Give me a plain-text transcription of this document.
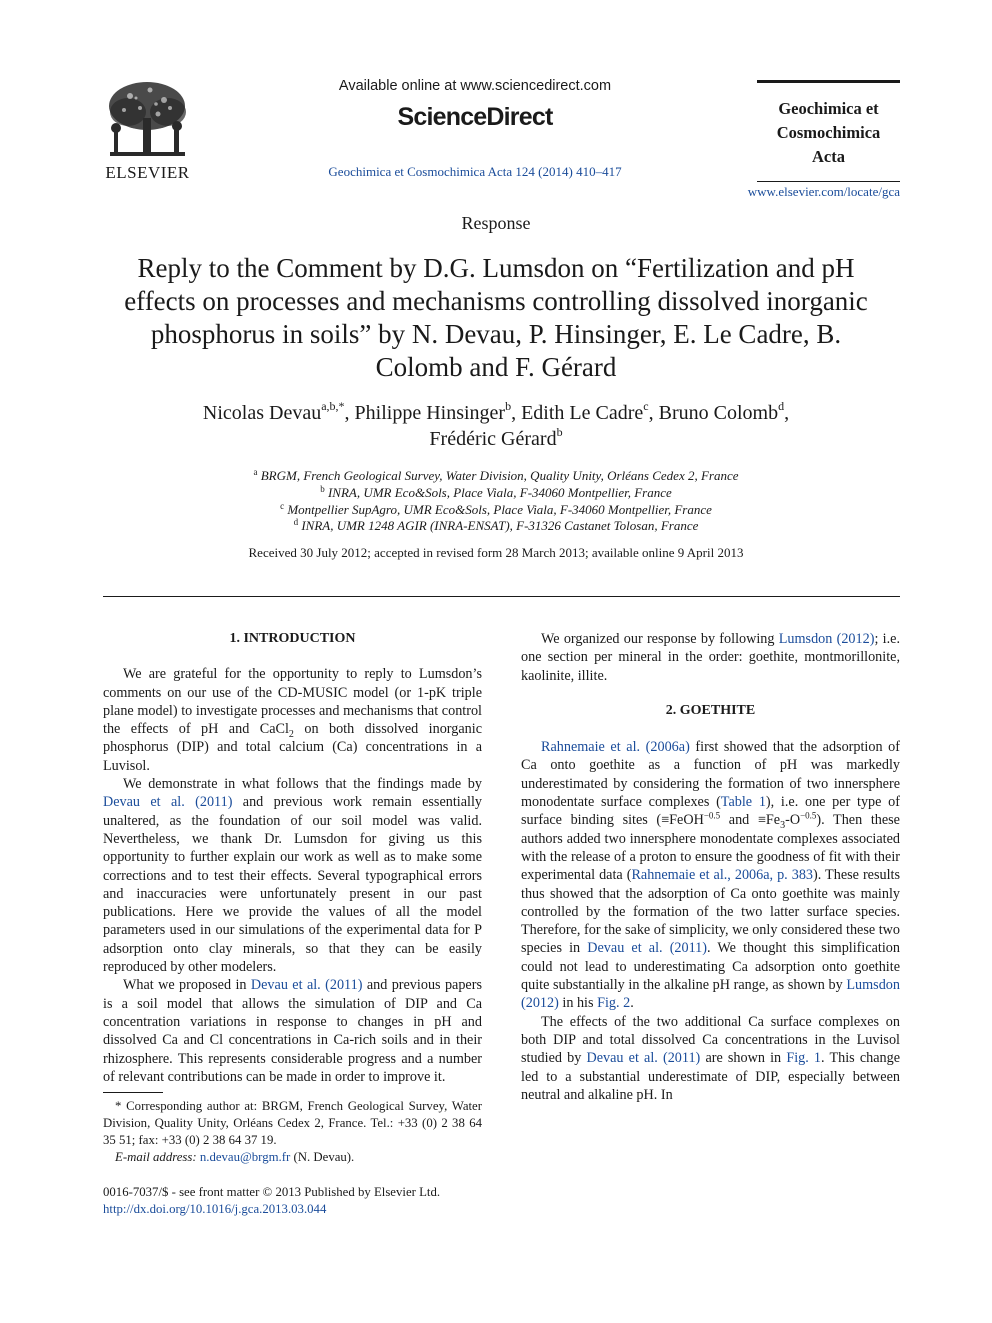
ELSEVIER
Available online at www.sciencedirect.com
ScienceDirect
Geochimica et Cosmochimica Acta 124 (2014) 410–417
Geochimica et
Cosmochimica
Acta
www.elsevier.com/locate/gca
Response
Reply to the Comment by D.G. Lumsdon on “Fertilization and pH effects on processes and mechanisms controlling dissolved inorganic phosphorus in soils” by N. Devau, P. Hinsinger, E. Le Cadre, B. Colomb and F. Gérard
Nicolas Devau$^{a,b,*}$, Philippe Hinsinger$^b$, Edith Le Cadre$^c$, Bruno Colomb$^d$,
Frédéric Gérard$^b$
$^a$ BRGM, French Geological Survey, Water Division, Quality Unity, Orléans Cedex 2, France
$^b$ INRA, UMR Eco&Sols, Place Viala, F-34060 Montpellier, France
$^c$ Montpellier SupAgro, UMR Eco&Sols, Place Viala, F-34060 Montpellier, France
$^d$ INRA, UMR 1248 AGIR (INRA-ENSAT), F-31326 Castanet Tolosan, France
Received 30 July 2012; accepted in revised form 28 March 2013; available online 9 April 2013
1. INTRODUCTION

We are grateful for the opportunity to reply to Lumsdon’s comments on our use of the CD-MUSIC model (or 1-pK triple plane model) to investigate processes and mechanisms that control the effects of pH and CaCl$_2$ on both dissolved inorganic phosphorus (DIP) and total calcium (Ca) concentrations in a Luvisol.

We demonstrate in what follows that the findings made by Devau et al. (2011) and previous work remain essentially unaltered, as the foundation of our soil model was valid. Nevertheless, we thank Dr. Lumsdon for giving us this opportunity to further explain our work as well as to make some corrections and to test their effects. Several typographical errors and inaccuracies were unfortunately present in our past publications. Here we provide the values of all the model parameters used in our simulations of the experimental data for P adsorption onto clay minerals, so that they can be easily reproduced by other modelers.

What we proposed in Devau et al. (2011) and previous papers is a soil model that allows the simulation of DIP and Ca concentration variations in response to changes in pH and dissolved Ca and Cl concentrations in Ca-rich soils and in their rhizosphere. This represents considerable progress and a number of relevant contributions can be made in order to improve it.

We organized our response by following Lumsdon (2012); i.e. one section per mineral in the order: goethite, montmorillonite, kaolinite, illite.

2. GOETHITE

Rahnemaie et al. (2006a) first showed that the adsorption of Ca onto goethite as a function of pH was markedly underestimated by considering the formation of two innersphere monodentate surface complexes (Table 1), i.e. one per type of surface binding sites (≡FeOH$^{-0.5}$ and $\equiv Fe_3-O^{-0.5}$). Then these authors added two innersphere monodentate complexes associated with the release of a proton to ensure the goodness of fit with their experimental data (Rahnemaie et al., 2006a, p. 383). These results thus showed that the adsorption of Ca onto goethite was mainly controlled by the formation of the two latter surface species. Therefore, for the sake of simplicity, we only considered these two species in Devau et al. (2011). We thought this simplification could not lead to underestimating Ca adsorption onto goethite quite substantially in the alkaline pH range, as shown by Lumsdon (2012) in his Fig. 2.

The effects of the two additional Ca surface complexes on both DIP and total dissolved Ca concentrations in the Luvisol studied by Devau et al. (2011) are shown in Fig. 1. This change led to a substantial underestimate of DIP, especially between neutral and alkaline pH. In

* Corresponding author at: BRGM, French Geological Survey, Water Division, Quality Unity, Orléans Cedex 2, France. Tel.: +33 (0) 2 38 64 35 51; fax: +33 (0) 2 38 64 37 19.

E-mail address: n.devau@brgm.fr (N. Devau).

0016-7037/$ - see front matter © 2013 Published by Elsevier Ltd.
http://dx.doi.org/10.1016/j.gca.2013.03.044
